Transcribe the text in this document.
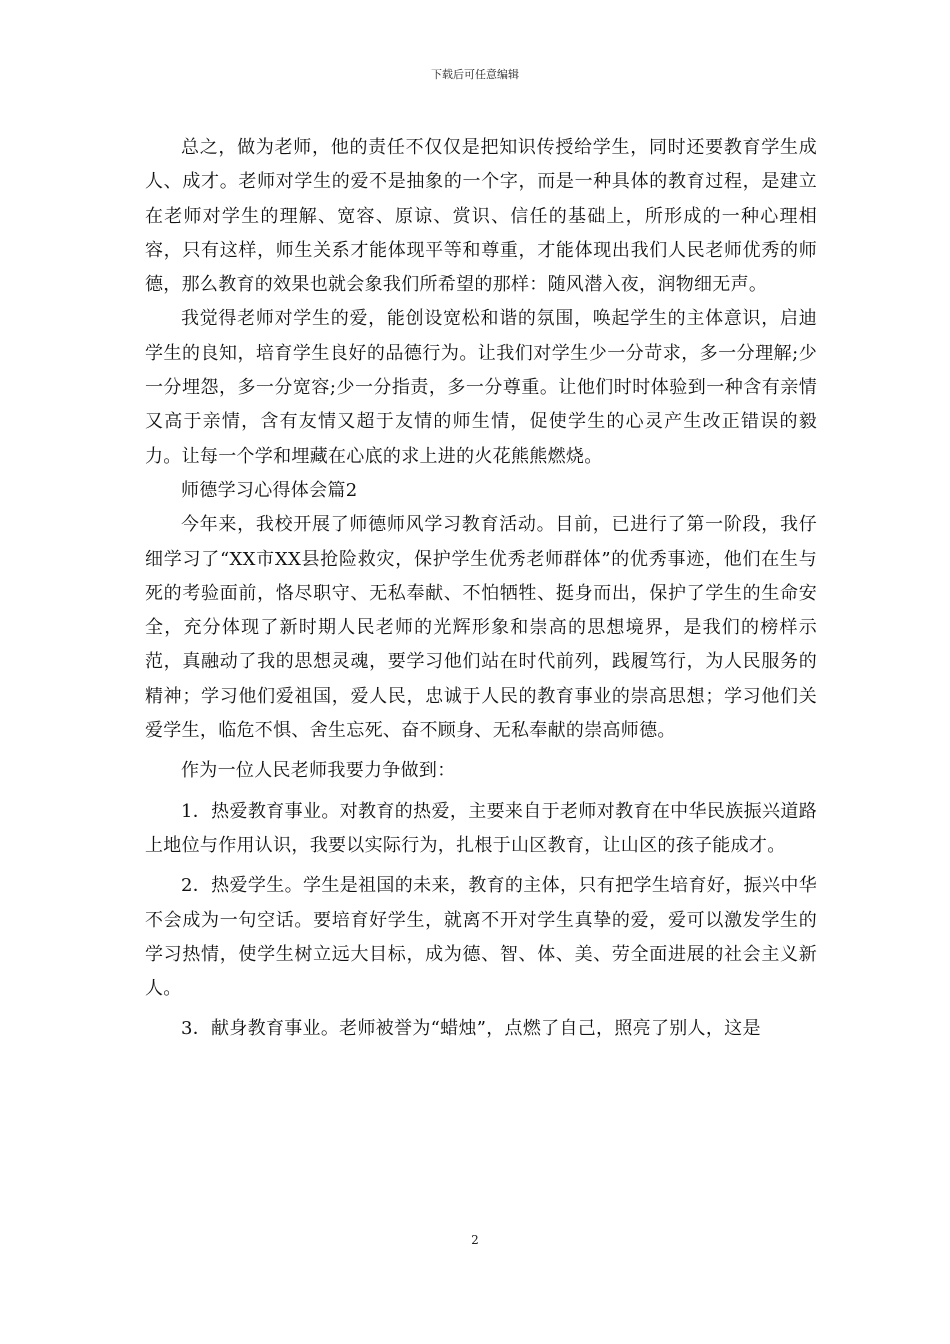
下载后可任意编辑

总之，做为老师，他的责任不仅仅是把知识传授给学生，同时还要教育学生成人、成才。老师对学生的爱不是抽象的一个字，而是一种具体的教育过程，是建立在老师对学生的理解、宽容、原谅、赏识、信任的基础上，所形成的一种心理相容，只有这样，师生关系才能体现平等和尊重，才能体现出我们人民老师优秀的师德，那么教育的效果也就会象我们所希望的那样：随风潜入夜，润物细无声。

我觉得老师对学生的爱，能创设宽松和谐的氛围，唤起学生的主体意识，启迪学生的良知，培育学生良好的品德行为。让我们对学生少一分苛求，多一分理解;少一分埋怨，多一分宽容;少一分指责，多一分尊重。让他们时时体验到一种含有亲情又高于亲情，含有友情又超于友情的师生情，促使学生的心灵产生改正错误的毅力。让每一个学和埋藏在心底的求上进的火花熊熊燃烧。

师德学习心得体会篇2

今年来，我校开展了师德师风学习教育活动。目前，已进行了第一阶段，我仔细学习了“XX市XX县抢险救灾，保护学生优秀老师群体”的优秀事迹，他们在生与死的考验面前，恪尽职守、无私奉献、不怕牺牲、挺身而出，保护了学生的生命安全，充分体现了新时期人民老师的光辉形象和崇高的思想境界，是我们的榜样示范，真融动了我的思想灵魂，要学习他们站在时代前列，践履笃行，为人民服务的精神；学习他们爱祖国，爱人民，忠诚于人民的教育事业的崇高思想；学习他们关爱学生，临危不惧、舍生忘死、奋不顾身、无私奉献的崇高师德。

作为一位人民老师我要力争做到：

1．热爱教育事业。对教育的热爱，主要来自于老师对教育在中华民族振兴道路上地位与作用认识，我要以实际行为，扎根于山区教育，让山区的孩子能成才。

2．热爱学生。学生是祖国的未来，教育的主体，只有把学生培育好，振兴中华不会成为一句空话。要培育好学生，就离不开对学生真挚的爱，爱可以激发学生的学习热情，使学生树立远大目标，成为德、智、体、美、劳全面进展的社会主义新人。

3．献身教育事业。老师被誉为“蜡烛”，点燃了自己，照亮了别人，这是

2
